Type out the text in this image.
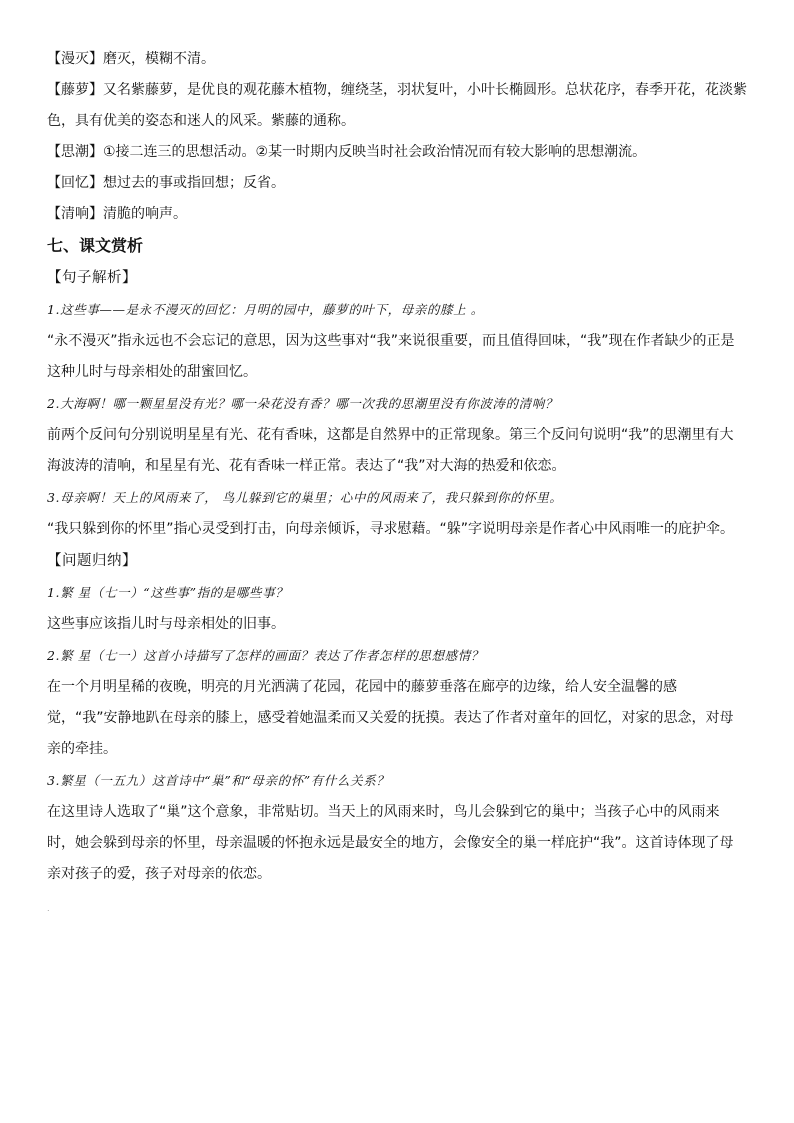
【漫灭】磨灭，模糊不清。

【藤萝】又名紫藤萝，是优良的观花藤木植物，缠绕茎，羽状复叶，小叶长椭圆形。总状花序，春季开花，花淡紫色，具有优美的姿态和迷人的风采。紫藤的通称。

【思潮】①接二连三的思想活动。②某一时期内反映当时社会政治情况而有较大影响的思想潮流。

【回忆】想过去的事或指回想；反省。

【清响】清脆的响声。

七、课文赏析

【句子解析】

1.这些事——是永不漫灭的回忆：月明的园中，藤萝的叶下，母亲的膝上 。

“永不漫灭”指永远也不会忘记的意思，因为这些事对“我”来说很重要，而且值得回味，“我”现在作者缺少的正是这种儿时与母亲相处的甜蜜回忆。

2.大海啊！哪一颗星星没有光？哪一朵花没有香？哪一次我的思潮里没有你波涛的清响？

前两个反问句分别说明星星有光、花有香味，这都是自然界中的正常现象。第三个反问句说明“我”的思潮里有大海波涛的清响，和星星有光、花有香味一样正常。表达了“我”对大海的热爱和依恋。

3.母亲啊！天上的风雨来了， 鸟儿躲到它的巢里；心中的风雨来了，我只躲到你的怀里。

“我只躲到你的怀里”指心灵受到打击，向母亲倾诉，寻求慰藉。“躲”字说明母亲是作者心中风雨唯一的庇护伞。

【问题归纳】

1.繁 星（七一）“这些事”指的是哪些事？

这些事应该指儿时与母亲相处的旧事。

2.繁 星（七一）这首小诗描写了怎样的画面？表达了作者怎样的思想感情？

在一个月明星稀的夜晚，明亮的月光洒满了花园，花园中的藤萝垂落在廊亭的边缘，给人安全温馨的感觉，“我”安静地趴在母亲的膝上，感受着她温柔而又关爱的抚摸。表达了作者对童年的回忆，对家的思念，对母亲的牵挂。

3.繁星（一五九）这首诗中“巢”和“母亲的怀”有什么关系？

在这里诗人选取了“巢”这个意象，非常贴切。当天上的风雨来时，鸟儿会躲到它的巢中；当孩子心中的风雨来时，她会躲到母亲的怀里，母亲温暖的怀抱永远是最安全的地方，会像安全的巢一样庇护“我”。这首诗体现了母亲对孩子的爱，孩子对母亲的依恋。

.
